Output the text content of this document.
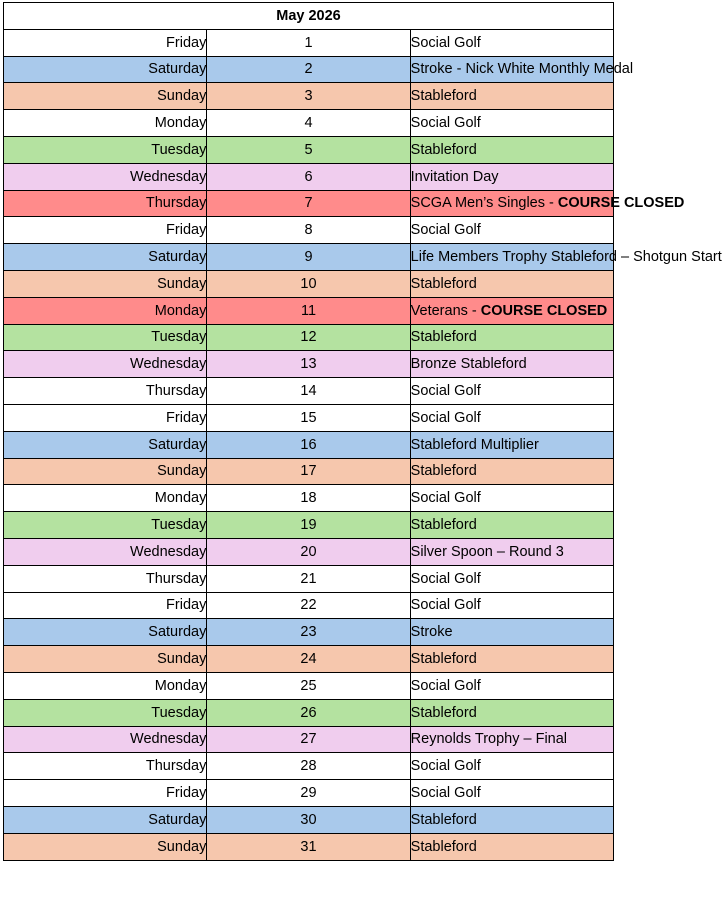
May 2026		
Friday	1	Social Golf
Saturday	2	Stroke - Nick White Monthly Medal
Sunday	3	Stableford
Monday	4	Social Golf
Tuesday	5	Stableford
Wednesday	6	Invitation Day
Thursday	7	SCGA Men’s Singles - COURSE CLOSED
Friday	8	Social Golf
Saturday	9	Life Members Trophy Stableford – Shotgun Start
Sunday	10	Stableford
Monday	11	Veterans - COURSE CLOSED
Tuesday	12	Stableford
Wednesday	13	Bronze Stableford
Thursday	14	Social Golf
Friday	15	Social Golf
Saturday	16	Stableford Multiplier
Sunday	17	Stableford
Monday	18	Social Golf
Tuesday	19	Stableford
Wednesday	20	Silver Spoon – Round 3
Thursday	21	Social Golf
Friday	22	Social Golf
Saturday	23	Stroke
Sunday	24	Stableford
Monday	25	Social Golf
Tuesday	26	Stableford
Wednesday	27	Reynolds Trophy – Final
Thursday	28	Social Golf
Friday	29	Social Golf
Saturday	30	Stableford
Sunday	31	Stableford
